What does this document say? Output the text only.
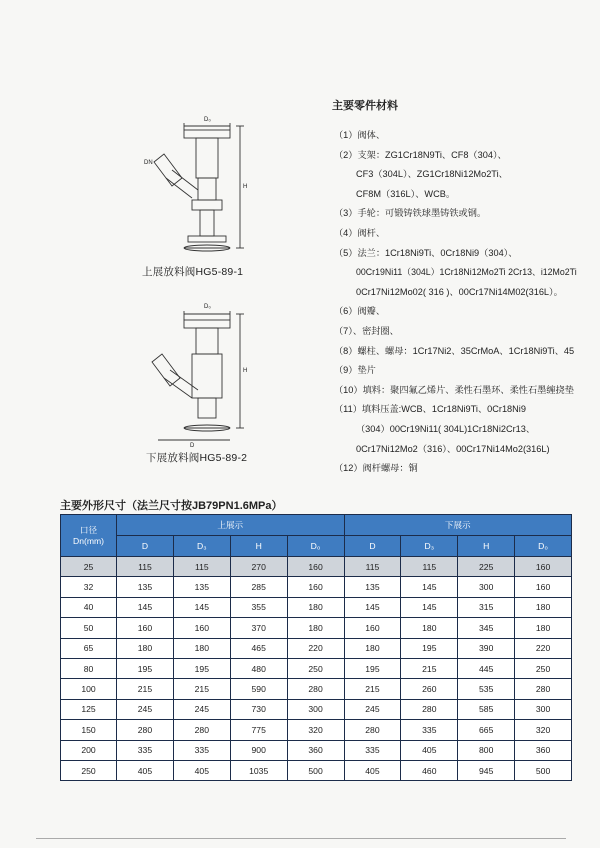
D₀
H
DN
上展放料阀HG5-89-1
D₀
H
D
下展放料阀HG5-89-2
主要零件材料
（1）阀体、
（2）支架：ZG1Cr18N9Ti、CF8（304）、
CF3（304L）、ZG1Cr18Ni12Mo2Ti、
CF8M（316L）、WCB。
（3）手轮：可锻铸铁球墨铸铁或钢。
（4）阀杆、
（5）法兰：1Cr18Ni9Ti、0Cr18Ni9（304）、
00Cr19Ni11（304L）1Cr18Ni12Mo2Ti 2Cr13、i12Mo2Ti
0Cr17Ni12Mo02( 316 )、00Cr17Ni14M02(316L）。
（6）阀瓣、
（7）、密封圈、
（8）螺柱、螺母：1Cr17Ni2、35CrMoA、1Cr18Ni9Ti、45
（9）垫片
（10）填料：聚四氟乙烯片、柔性石墨环、柔性石墨缠挠垫
（11）填料压盖:WCB、1Cr18Ni9Ti、0Cr18Ni9
（304）00Cr19Ni11( 304L)1Cr18Ni2Cr13、
0Cr17Ni12Mo2（316）、00Cr17Ni14Mo2(316L)
（12）阀杆螺母：铜
主要外形尺寸（法兰尺寸按JB79PN1.6MPa）
口径
Dn(mm)	上展示				下展示			
	D	D₃	H	D₀	D	D₃	H	D₀
25	115	115	270	160	115	115	225	160
32	135	135	285	160	135	145	300	160
40	145	145	355	180	145	145	315	180
50	160	160	370	180	160	180	345	180
65	180	180	465	220	180	195	390	220
80	195	195	480	250	195	215	445	250
100	215	215	590	280	215	260	535	280
125	245	245	730	300	245	280	585	300
150	280	280	775	320	280	335	665	320
200	335	335	900	360	335	405	800	360
250	405	405	1035	500	405	460	945	500
